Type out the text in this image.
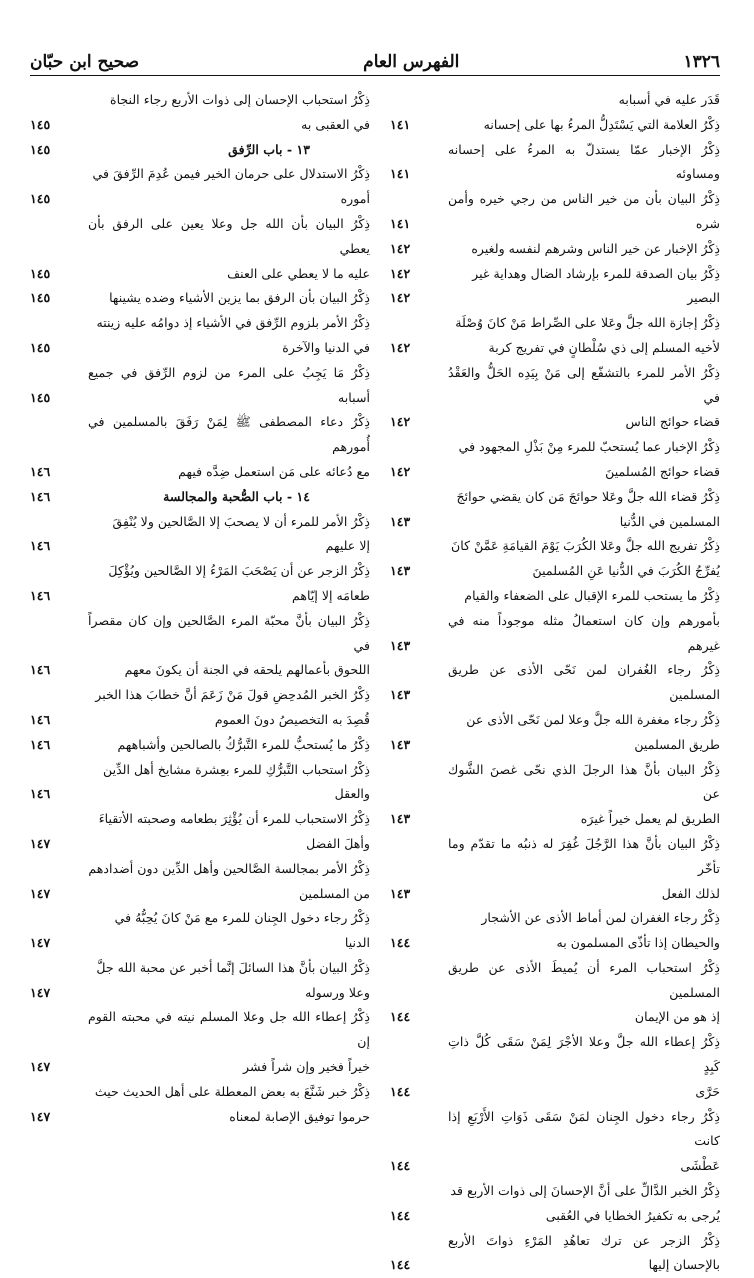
١٣٢٦
الفهرس العام
صحيح ابن حبّان
قَدَر عليه في أسبابه
ذِكْرُ العلامة التي يَسْتَدِلُّ المرءُ بها على إحسانه
١٤١
ذِكْرُ الإخبار عمّا يستدلّ به المرءُ على إحسانه ومساوئه
١٤١
ذِكْرُ البيان بأن من خير الناس من رجي خيره وأمن شره
١٤١
ذِكْرُ الإخبار عن خير الناس وشرهم لنفسه ولغيره
١٤٢
ذِكْرُ بيان الصدقة للمرء بإرشاد الضال وهداية غير
١٤٢
البصير
١٤٢
ذِكْرُ إجازة الله جلَّ وعَلا على الصِّراط مَنْ كانَ وُصْلَة
لأخيه المسلم إلى ذي سُلْطانٍ في تفريج كربة
١٤٢
ذِكْرُ الأمر للمرء بالتشفّع إلى مَنْ بِيَدِه الحَلُّ والعَقْدُ في
قضاء حوائج الناس
١٤٢
ذِكْرُ الإخبار عما يُستحبّ للمرء مِنْ بَذْلِ المجهود في
قضاء حوائج المُسلمينَ
١٤٢
ذِكْرُ قضاء الله جلَّ وعَلا حوائجَ مَن كان يقضي حوائجَ
المسلمين في الدُّنيا
١٤٣
ذِكْرُ تفريج الله جلَّ وعَلا الكُرَبَ يَوْمَ القيامَةِ عَمَّنْ كانَ
يُفرِّجُ الكُرَبَ في الدُّنيا عَنِ المُسلمينَ
١٤٣
ذِكْرُ ما يستحب للمرء الإقبال على الضعفاء والقيام
بأمورهم وإن كان استعمالُ مثله موجوداً منه في غيرهم
١٤٣
ذِكْرُ رجاء الغُفران لمن نَحّى الأذى عن طريق المسلمين
١٤٣
ذِكْرُ رجاء مغفرة الله جلَّ وعلا لمن نَحّى الأذى عن
طريق المسلمين
١٤٣
ذِكْرُ البيان بأنَّ هذا الرجلَ الذي نحّى غصنَ الشَّوك عن
الطريق لم يعمل خيراً غيرَه
١٤٣
ذِكْرُ البيان بأنَّ هذا الرَّجُلَ غُفِرَ له ذنبُه ما تقدّم وما تأخّر
لذلك الفعل
١٤٣
ذِكْرُ رجاء الغفران لمن أماط الأذى عن الأشجار
والحيطان إذا تأذّى المسلمون به
١٤٤
ذِكْرُ استحباب المرء أن يُميطَ الأذى عن طريق المسلمين
إذ هو من الإيمان
١٤٤
ذِكْرُ إعطاء الله جلَّ وعلا الأجْرَ لِمَنْ سَقَى كُلَّ ذاتِ كَبِدٍ
حَرَّى
١٤٤
ذِكْرُ رجاء دخول الجِنان لمَنْ سَقَى ذَوَاتِ الأَرْبَعِ إذا كانت
عَطْشَى
١٤٤
ذِكْرُ الخبر الدَّالِّ على أنَّ الإحسانَ إلى ذوات الأربع قد
يُرجى به تكفيرُ الخطايا في العُقبى
١٤٤
ذِكْرُ الزجر عن ترك تعاهُدِ المَرْءِ ذواتَ الأربع بالإحسان إليها
١٤٤
ذِكْرُ استحباب الإحسان إلى ذوات الأربع رجاء النجاة
في العقبى به
١٤٥
١٣ - باب الرِّفق
١٤٥
ذِكْرُ الاستدلال على حرمان الخير فيمن عُدِمَ الرِّفقَ في
أموره
١٤٥
ذِكْرُ البيان بأن الله جل وعلا يعين على الرفق بأن يعطي
عليه ما لا يعطي على العنف
١٤٥
ذِكْرُ البيان بأن الرفق بما يزين الأشياء وضده يشينها
١٤٥
ذِكْرُ الأمر بلزوم الرِّفق في الأشياء إذ دوامُه عليه زينته
في الدنيا والآخرة
١٤٥
ذِكْرُ مَا يَجِبُ على المرء من لزوم الرِّفق في جميع أسبابه
١٤٥
ذِكْرُ دعاء المصطفى ﷺ لِمَنْ رَفَقَ بالمسلمين في أُمورهم
مع دُعائه على مَن استعمل ضِدَّه فيهم
١٤٦
١٤ - باب الصُّحبة والمجالسة
١٤٦
ذِكْرُ الأمر للمرء أن لا يصحبَ إلا الصَّالحين ولا يُنْفِقَ
إلا عليهم
١٤٦
ذِكْرُ الزجر عن أن يَصْحَبَ المَرْءُ إلا الصَّالحين ويُؤْكِلَ
طعامَه إلا إيّاهم
١٤٦
ذِكْرُ البيان بأنَّ محبّة المرء الصَّالحين وإن كان مقصراً في
اللحوق بأعمالهم يلحقه في الجنة أن يكونَ معهم
١٤٦
ذِكْرُ الخبر المُدحِضِ قولَ مَنْ زَعَمَ أنَّ خطابَ هذا الخبر
قُصِدَ به التخصيصُ دونَ العموم
١٤٦
ذِكْرُ ما يُستحبُّ للمرء التَّبرُّكُ بالصالحين وأشباههم
١٤٦
ذِكْرُ استحباب التَّبرُّكِ للمرء بعِشرة مشايخ أهل الدِّين
والعقل
١٤٦
ذِكْرُ الاستحباب للمرء أن يُؤْثِرَ بطعامه وصحبته الأتقياءَ
وأهلَ الفضل
١٤٧
ذِكْرُ الأمر بمجالسة الصَّالحين وأهل الدِّين دون أضدادهم
من المسلمين
١٤٧
ذِكْرُ رجاء دخول الجِنان للمرء مع مَنْ كانَ يُحِبُّهُ في
الدنيا
١٤٧
ذِكْرُ البيان بأنَّ هذا السائلَ إنَّما أخبر عن محبة الله جلَّ
وعلا ورسوله
١٤٧
ذِكْرُ إعطاء الله جل وعلا المسلم نيته في محبته القوم إن
خيراً فخير وإن شراً فشر
١٤٧
ذِكْرُ خبر شَنَّعَ به بعض المعطلة على أهل الحديث حيث
حرموا توفيق الإصابة لمعناه
١٤٧
